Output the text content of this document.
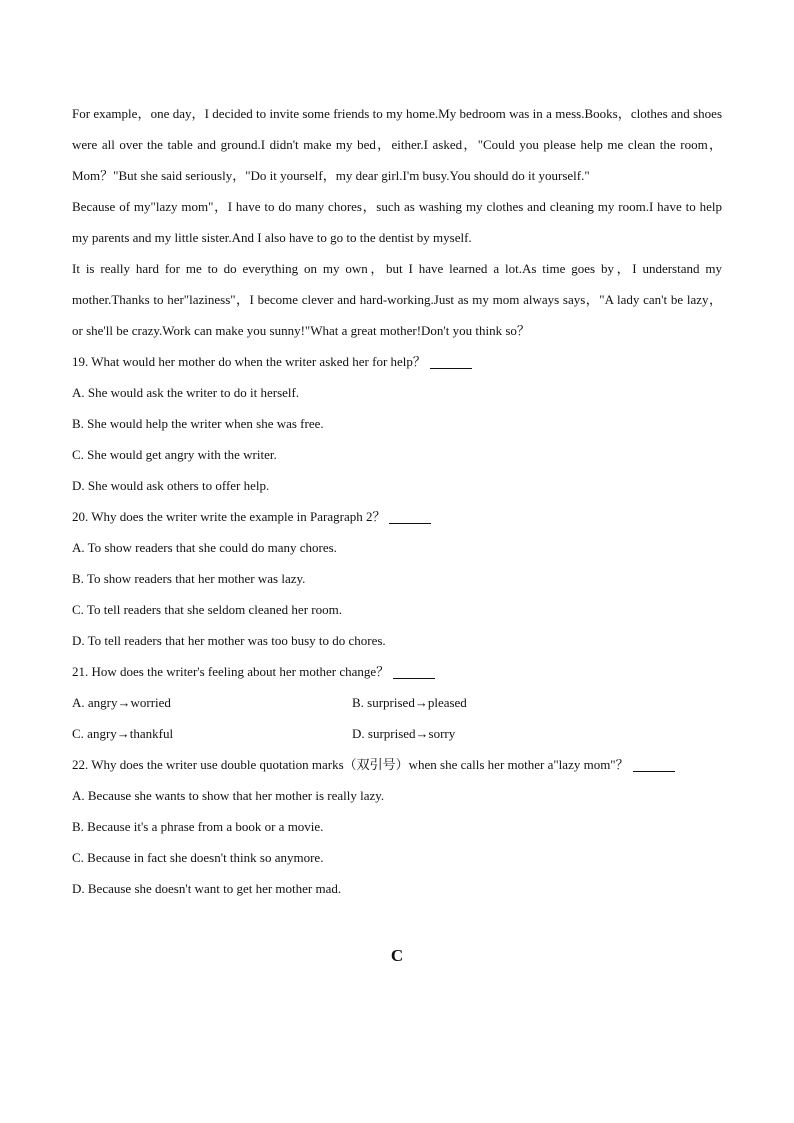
For example，one day，I decided to invite some friends to my home.My bedroom was in a mess.Books，clothes and shoes were all over the table and ground.I didn't make my bed，either.I asked，"Could you please help me clean the room，Mom？"But she said seriously，"Do it yourself，my dear girl.I'm busy.You should do it yourself."

Because of my"lazy mom"，I have to do many chores，such as washing my clothes and cleaning my room.I have to help my parents and my little sister.And I also have to go to the dentist by myself.

It is really hard for me to do everything on my own，but I have learned a lot.As time goes by，I understand my mother.Thanks to her"laziness"，I become clever and hard-working.Just as my mom always says，"A lady can't be lazy，or she'll be crazy.Work can make you sunny!"What a great mother!Don't you think so？

19. What would her mother do when the writer asked her for help？

A. She would ask the writer to do it herself.

B. She would help the writer when she was free.

C. She would get angry with the writer.

D. She would ask others to offer help.

20. Why does the writer write the example in Paragraph 2？

A. To show readers that she could do many chores.

B. To show readers that her mother was lazy.

C. To tell readers that she seldom cleaned her room.

D. To tell readers that her mother was too busy to do chores.

21. How does the writer's feeling about her mother change？

A. angry→worried	B. surprised→pleased
C. angry→thankful	D. surprised→sorry

22. Why does the writer use double quotation marks（双引号）when she calls her mother a"lazy mom"？

A. Because she wants to show that her mother is really lazy.

B. Because it's a phrase from a book or a movie.

C. Because in fact she doesn't think so anymore.

D. Because she doesn't want to get her mother mad.

C
